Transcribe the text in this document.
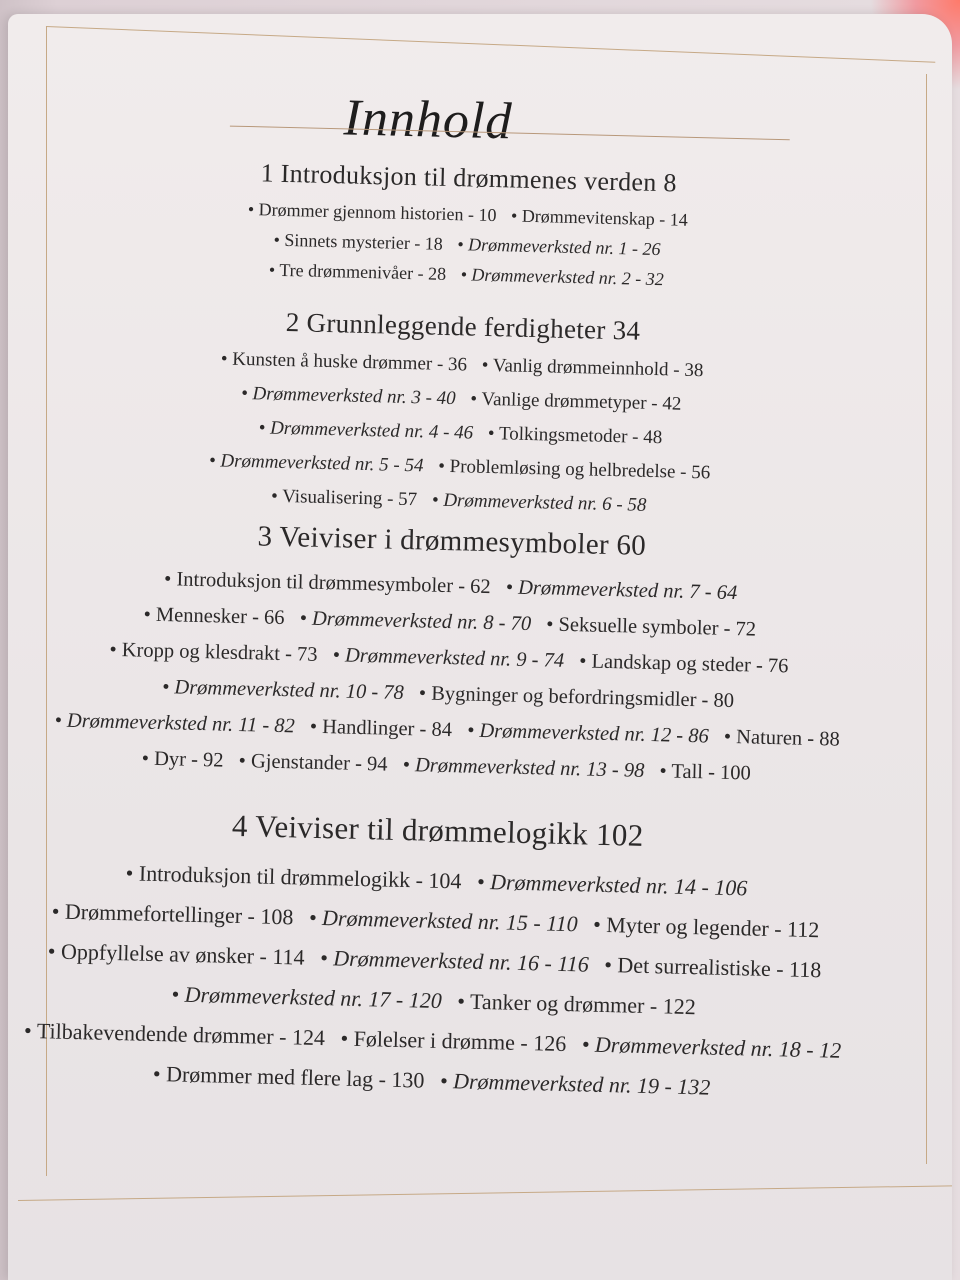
Innhold
1 Introduksjon til drømmenes verden 8
• Drømmer gjennom historien - 10 • Drømmevitenskap - 14
• Sinnets mysterier - 18 • Drømmeverksted nr. 1 - 26
• Tre drømmenivåer - 28 • Drømmeverksted nr. 2 - 32
2 Grunnleggende ferdigheter 34
• Kunsten å huske drømmer - 36 • Vanlig drømmeinnhold - 38
• Drømmeverksted nr. 3 - 40 • Vanlige drømmetyper - 42
• Drømmeverksted nr. 4 - 46 • Tolkingsmetoder - 48
• Drømmeverksted nr. 5 - 54 • Problemløsing og helbredelse - 56
• Visualisering - 57 • Drømmeverksted nr. 6 - 58
3 Veiviser i drømmesymboler 60
• Introduksjon til drømmesymboler - 62 • Drømmeverksted nr. 7 - 64
• Mennesker - 66 • Drømmeverksted nr. 8 - 70 • Seksuelle symboler - 72
• Kropp og klesdrakt - 73 • Drømmeverksted nr. 9 - 74 • Landskap og steder - 76
• Drømmeverksted nr. 10 - 78 • Bygninger og befordringsmidler - 80
• Drømmeverksted nr. 11 - 82 • Handlinger - 84 • Drømmeverksted nr. 12 - 86 • Naturen - 88
• Dyr - 92 • Gjenstander - 94 • Drømmeverksted nr. 13 - 98 • Tall - 100
4 Veiviser til drømmelogikk 102
• Introduksjon til drømmelogikk - 104 • Drømmeverksted nr. 14 - 106
• Drømmefortellinger - 108 • Drømmeverksted nr. 15 - 110 • Myter og legender - 112
• Oppfyllelse av ønsker - 114 • Drømmeverksted nr. 16 - 116 • Det surrealistiske - 118
• Drømmeverksted nr. 17 - 120 • Tanker og drømmer - 122
• Tilbakevendende drømmer - 124 • Følelser i drømme - 126 • Drømmeverksted nr. 18 - 12
• Drømmer med flere lag - 130 • Drømmeverksted nr. 19 - 132
